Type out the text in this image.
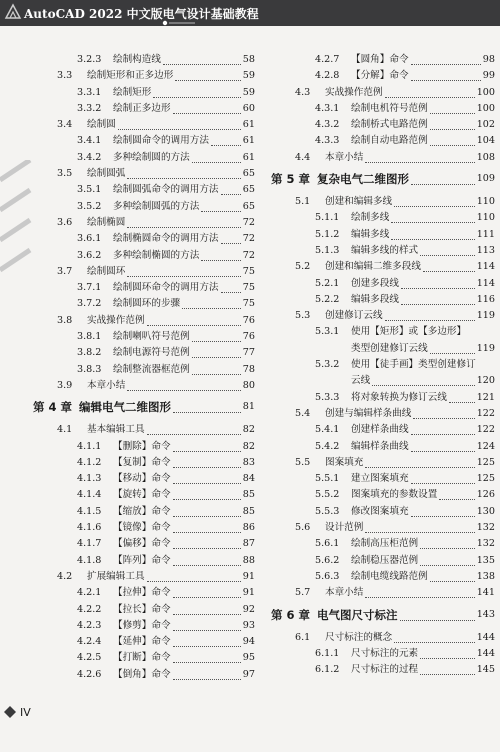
AutoCAD 2022 中文版电气设计基础教程
3.2.3 绘制构造线	58
3.3 绘制矩形和正多边形	59
3.3.1 绘制矩形	59
3.3.2 绘制正多边形	60
3.4 绘制圆	61
3.4.1 绘制圆命令的调用方法	61
3.4.2 多种绘制圆的方法	61
3.5 绘制圆弧	65
3.5.1 绘制圆弧命令的调用方法	65
3.5.2 多种绘制圆弧的方法	65
3.6 绘制椭圆	72
3.6.1 绘制椭圆命令的调用方法	72
3.6.2 多种绘制椭圆的方法	72
3.7 绘制圆环	75
3.7.1 绘制圆环命令的调用方法	75
3.7.2 绘制圆环的步骤	75
3.8 实战操作范例	76
3.8.1 绘制喇叭符号范例	76
3.8.2 绘制电源符号范例	77
3.8.3 绘制整流器框范例	78
3.9 本章小结	80
第 4 章 编辑电气二维图形	81
4.1 基本编辑工具	82
4.1.1 【删除】命令	82
4.1.2 【复制】命令	83
4.1.3 【移动】命令	84
4.1.4 【旋转】命令	85
4.1.5 【缩放】命令	85
4.1.6 【镜像】命令	86
4.1.7 【偏移】命令	87
4.1.8 【阵列】命令	88
4.2 扩展编辑工具	91
4.2.1 【拉伸】命令	91
4.2.2 【拉长】命令	92
4.2.3 【修剪】命令	93
4.2.4 【延伸】命令	94
4.2.5 【打断】命令	95
4.2.6 【倒角】命令	97
4.2.7 【圆角】命令	98
4.2.8 【分解】命令	99
4.3 实战操作范例	100
4.3.1 绘制电机符号范例	100
4.3.2 绘制桥式电路范例	102
4.3.3 绘制自动电路范例	104
4.4 本章小结	108
第 5 章 复杂电气二维图形	109
5.1 创建和编辑多线	110
5.1.1 绘制多线	110
5.1.2 编辑多线	111
5.1.3 编辑多线的样式	113
5.2 创建和编辑二维多段线	114
5.2.1 创建多段线	114
5.2.2 编辑多段线	116
5.3 创建修订云线	119
5.3.1 使用【矩形】或【多边形】
类型创建修订云线	119
5.3.2 使用【徒手画】类型创建修订
云线	120
5.3.3 将对象转换为修订云线	121
5.4 创建与编辑样条曲线	122
5.4.1 创建样条曲线	122
5.4.2 编辑样条曲线	124
5.5 图案填充	125
5.5.1 建立图案填充	125
5.5.2 图案填充的参数设置	126
5.5.3 修改图案填充	130
5.6 设计范例	132
5.6.1 绘制高压柜范例	132
5.6.2 绘制稳压器范例	135
5.6.3 绘制电缆线路范例	138
5.7 本章小结	141
第 6 章 电气图尺寸标注	143
6.1 尺寸标注的概念	144
6.1.1 尺寸标注的元素	144
6.1.2 尺寸标注的过程	145
IV
